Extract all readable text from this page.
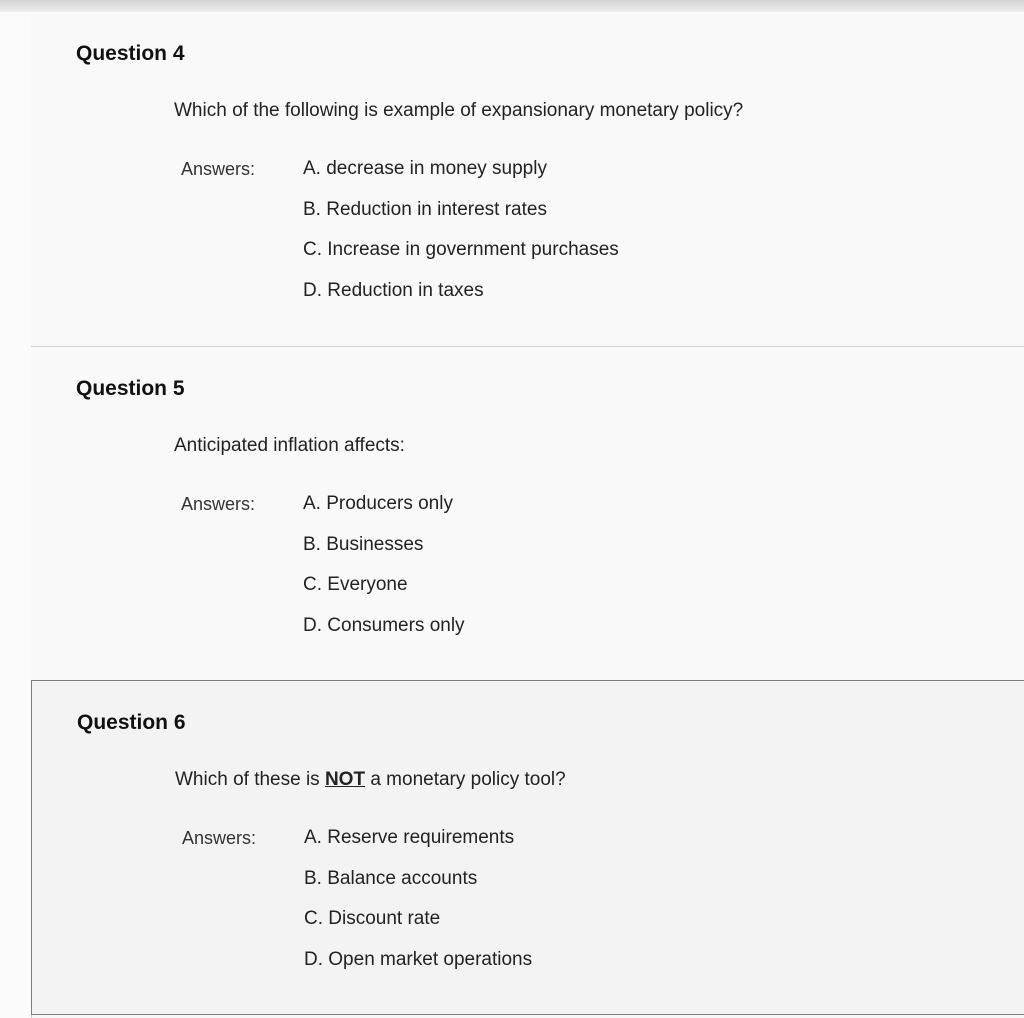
Question 4
Which of the following is example of expansionary monetary policy?
Answers:	A. decrease in money supply
B. Reduction in interest rates
C. Increase in government purchases
D. Reduction in taxes
Question 5
Anticipated inflation affects:
Answers:	A. Producers only
B. Businesses
C. Everyone
D. Consumers only
Question 6
Which of these is NOT a monetary policy tool?
Answers:	A. Reserve requirements
B. Balance accounts
C. Discount rate
D. Open market operations
